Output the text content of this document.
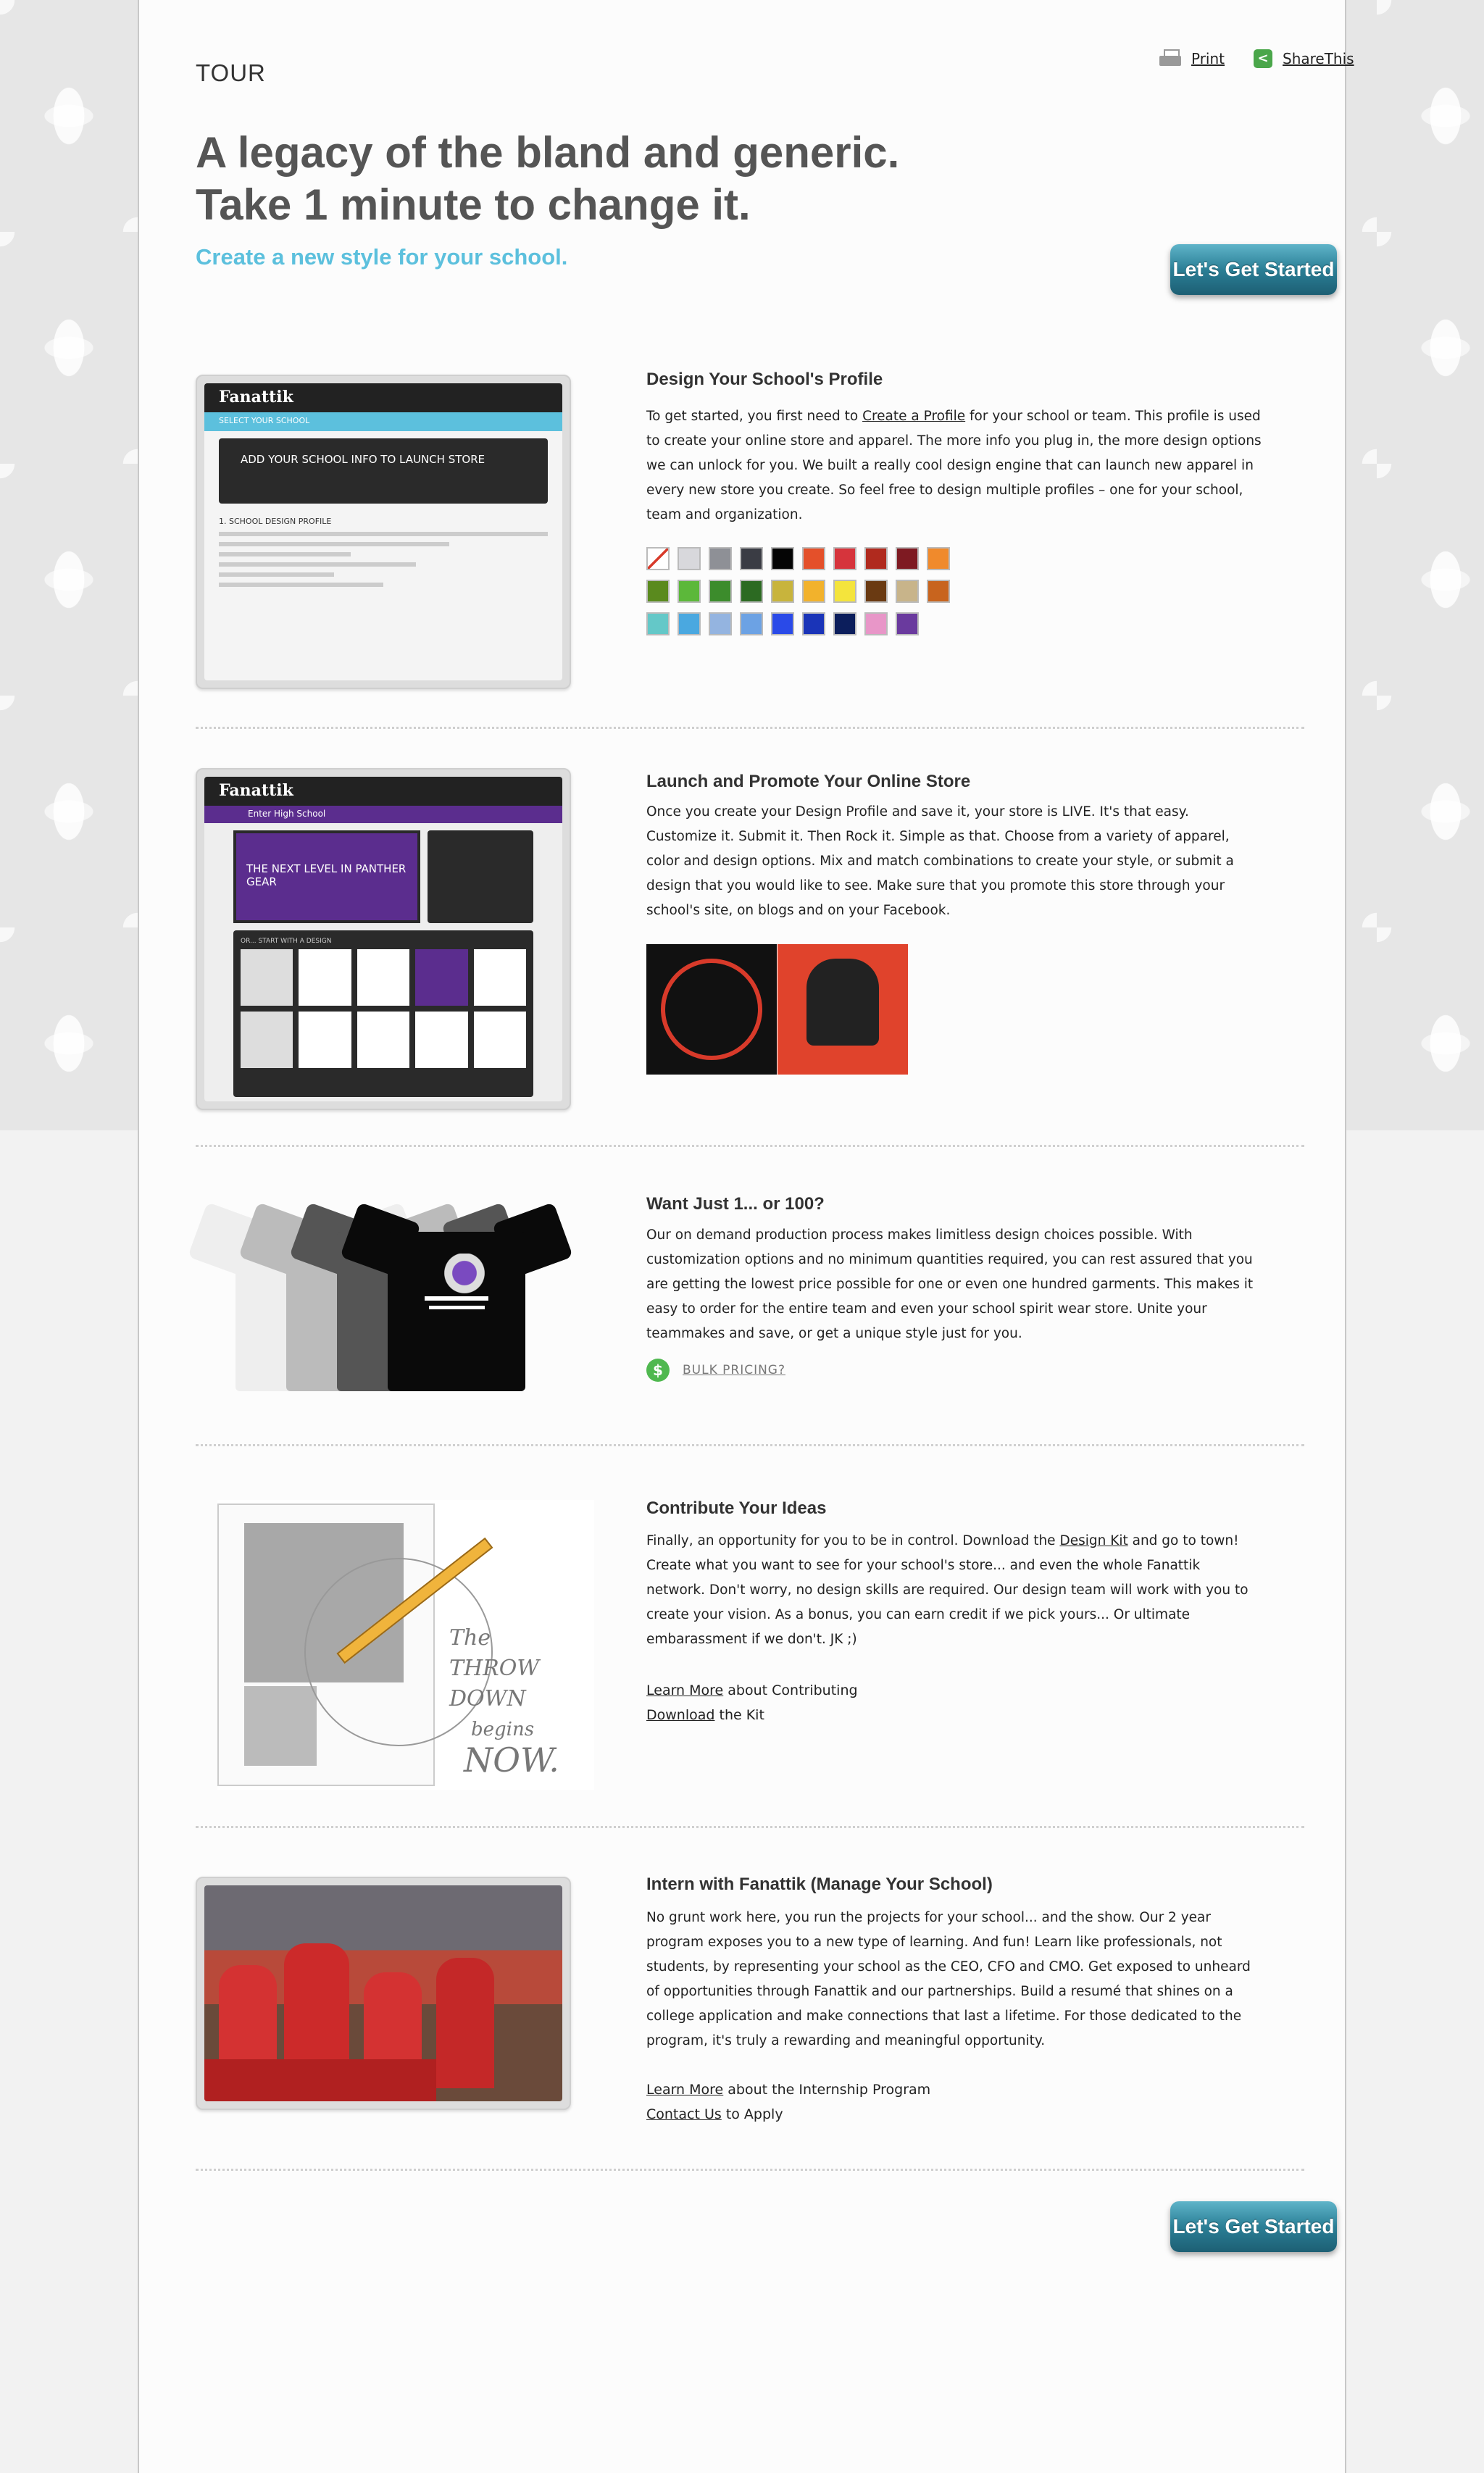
TOUR
Print	< ShareThis
A legacy of the bland and generic.
Take 1 minute to change it.
Create a new style for your school.	Let's Get Started
Fanattik
SELECT YOUR SCHOOL
ADD YOUR SCHOOL INFO TO LAUNCH STORE
1. SCHOOL DESIGN PROFILE
Design Your School's Profile
To get started, you first need to Create a Profile for your school or team. This profile is used to create your online store and apparel. The more info you plug in, the more design options we can unlock for you. We built a really cool design engine that can launch new apparel in every new store you create. So feel free to design multiple profiles – one for your school, team and organization.
Fanattik
Enter High School
THE NEXT LEVEL IN PANTHER GEAR
OR... START WITH A DESIGN
Launch and Promote Your Online Store
Once you create your Design Profile and save it, your store is LIVE. It's that easy. Customize it. Submit it. Then Rock it. Simple as that. Choose from a variety of apparel, color and design options. Mix and match combinations to create your style, or submit a design that you would like to see. Make sure that you promote this store through your school's site, on blogs and on your Facebook.
Want Just 1... or 100?
Our on demand production process makes limitless design choices possible. With customization options and no minimum quantities required, you can rest assured that you are getting the lowest price possible for one or even one hundred garments. This makes it easy to order for the entire team and even your school spirit wear store. Unite your teammakes and save, or get a unique style just for you.
$	BULK PRICING?
The
THROW DOWN
begins
NOW.
Contribute Your Ideas
Finally, an opportunity for you to be in control. Download the Design Kit and go to town! Create what you want to see for your school's store... and even the whole Fanattik network. Don't worry, no design skills are required. Our design team will work with you to create your vision. As a bonus, you can earn credit if we pick yours... Or ultimate embarassment if we don't. JK ;)
Learn More about Contributing
Download the Kit
Intern with Fanattik (Manage Your School)
No grunt work here, you run the projects for your school... and the show. Our 2 year program exposes you to a new type of learning. And fun! Learn like professionals, not students, by representing your school as the CEO, CFO and CMO. Get exposed to unheard of opportunities through Fanattik and our partnerships. Build a resumé that shines on a college application and make connections that last a lifetime. For those dedicated to the program, it's truly a rewarding and meaningful opportunity.
Learn More about the Internship Program
Contact Us to Apply
Let's Get Started
